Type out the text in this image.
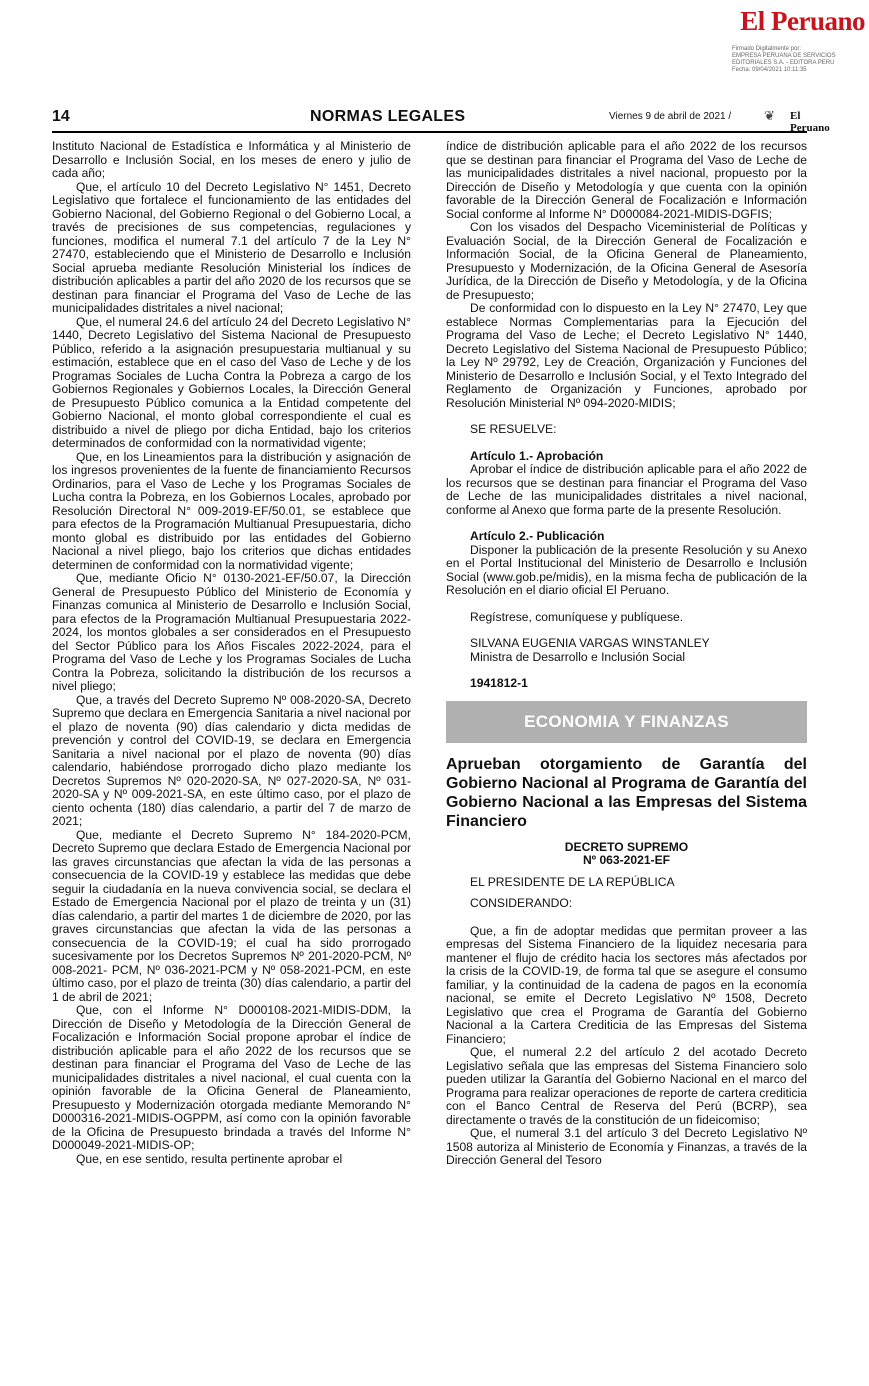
El Peruano
Firmado Digitalmente por:
EMPRESA PERUANA DE SERVICIOS
EDITORIALES S.A. - EDITORA PERU
Fecha: 09/04/2021 10:11:35
14	NORMAS LEGALES	Viernes 9 de abril de 2021 /	❦ El Peruano

Instituto Nacional de Estadística e Informática y al Ministerio de Desarrollo e Inclusión Social, en los meses de enero y julio de cada año;

Que, el artículo 10 del Decreto Legislativo N° 1451, Decreto Legislativo que fortalece el funcionamiento de las entidades del Gobierno Nacional, del Gobierno Regional o del Gobierno Local, a través de precisiones de sus competencias, regulaciones y funciones, modifica el numeral 7.1 del artículo 7 de la Ley N° 27470, estableciendo que el Ministerio de Desarrollo e Inclusión Social aprueba mediante Resolución Ministerial los índices de distribución aplicables a partir del año 2020 de los recursos que se destinan para financiar el Programa del Vaso de Leche de las municipalidades distritales a nivel nacional;

Que, el numeral 24.6 del artículo 24 del Decreto Legislativo N° 1440, Decreto Legislativo del Sistema Nacional de Presupuesto Público, referido a la asignación presupuestaria multianual y su estimación, establece que en el caso del Vaso de Leche y de los Programas Sociales de Lucha Contra la Pobreza a cargo de los Gobiernos Regionales y Gobiernos Locales, la Dirección General de Presupuesto Público comunica a la Entidad competente del Gobierno Nacional, el monto global correspondiente el cual es distribuido a nivel de pliego por dicha Entidad, bajo los criterios determinados de conformidad con la normatividad vigente;

Que, en los Lineamientos para la distribución y asignación de los ingresos provenientes de la fuente de financiamiento Recursos Ordinarios, para el Vaso de Leche y los Programas Sociales de Lucha contra la Pobreza, en los Gobiernos Locales, aprobado por Resolución Directoral N° 009-2019-EF/50.01, se establece que para efectos de la Programación Multianual Presupuestaria, dicho monto global es distribuido por las entidades del Gobierno Nacional a nivel pliego, bajo los criterios que dichas entidades determinen de conformidad con la normatividad vigente;

Que, mediante Oficio N° 0130-2021-EF/50.07, la Dirección General de Presupuesto Público del Ministerio de Economía y Finanzas comunica al Ministerio de Desarrollo e Inclusión Social, para efectos de la Programación Multianual Presupuestaria 2022-2024, los montos globales a ser considerados en el Presupuesto del Sector Público para los Años Fiscales 2022-2024, para el Programa del Vaso de Leche y los Programas Sociales de Lucha Contra la Pobreza, solicitando la distribución de los recursos a nivel pliego;

Que, a través del Decreto Supremo Nº 008-2020-SA, Decreto Supremo que declara en Emergencia Sanitaria a nivel nacional por el plazo de noventa (90) días calendario y dicta medidas de prevención y control del COVID-19, se declara en Emergencia Sanitaria a nivel nacional por el plazo de noventa (90) días calendario, habiéndose prorrogado dicho plazo mediante los Decretos Supremos Nº 020-2020-SA, Nº 027-2020-SA, Nº 031-2020-SA y Nº 009-2021-SA, en este último caso, por el plazo de ciento ochenta (180) días calendario, a partir del 7 de marzo de 2021;

Que, mediante el Decreto Supremo N° 184-2020-PCM, Decreto Supremo que declara Estado de Emergencia Nacional por las graves circunstancias que afectan la vida de las personas a consecuencia de la COVID-19 y establece las medidas que debe seguir la ciudadanía en la nueva convivencia social, se declara el Estado de Emergencia Nacional por el plazo de treinta y un (31) días calendario, a partir del martes 1 de diciembre de 2020, por las graves circunstancias que afectan la vida de las personas a consecuencia de la COVID-19; el cual ha sido prorrogado sucesivamente por los Decretos Supremos Nº 201-2020-PCM, Nº 008-2021- PCM, Nº 036-2021-PCM y Nº 058-2021-PCM, en este último caso, por el plazo de treinta (30) días calendario, a partir del 1 de abril de 2021;

Que, con el Informe N° D000108-2021-MIDIS-DDM, la Dirección de Diseño y Metodología de la Dirección General de Focalización e Información Social propone aprobar el índice de distribución aplicable para el año 2022 de los recursos que se destinan para financiar el Programa del Vaso de Leche de las municipalidades distritales a nivel nacional, el cual cuenta con la opinión favorable de la Oficina General de Planeamiento, Presupuesto y Modernización otorgada mediante Memorando N° D000316-2021-MIDIS-OGPPM, así como con la opinión favorable de la Oficina de Presupuesto brindada a través del Informe N° D000049-2021-MIDIS-OP;

Que, en ese sentido, resulta pertinente aprobar el

índice de distribución aplicable para el año 2022 de los recursos que se destinan para financiar el Programa del Vaso de Leche de las municipalidades distritales a nivel nacional, propuesto por la Dirección de Diseño y Metodología y que cuenta con la opinión favorable de la Dirección General de Focalización e Información Social conforme al Informe N° D000084-2021-MIDIS-DGFIS;

Con los visados del Despacho Viceministerial de Políticas y Evaluación Social, de la Dirección General de Focalización e Información Social, de la Oficina General de Planeamiento, Presupuesto y Modernización, de la Oficina General de Asesoría Jurídica, de la Dirección de Diseño y Metodología, y de la Oficina de Presupuesto;

De conformidad con lo dispuesto en la Ley N° 27470, Ley que establece Normas Complementarias para la Ejecución del Programa del Vaso de Leche; el Decreto Legislativo N° 1440, Decreto Legislativo del Sistema Nacional de Presupuesto Público; la Ley Nº 29792, Ley de Creación, Organización y Funciones del Ministerio de Desarrollo e Inclusión Social, y el Texto Integrado del Reglamento de Organización y Funciones, aprobado por Resolución Ministerial Nº 094-2020-MIDIS;

SE RESUELVE:
Artículo 1.- Aprobación

Aprobar el índice de distribución aplicable para el año 2022 de los recursos que se destinan para financiar el Programa del Vaso de Leche de las municipalidades distritales a nivel nacional, conforme al Anexo que forma parte de la presente Resolución.

Artículo 2.- Publicación

Disponer la publicación de la presente Resolución y su Anexo en el Portal Institucional del Ministerio de Desarrollo e Inclusión Social (www.gob.pe/midis), en la misma fecha de publicación de la Resolución en el diario oficial El Peruano.

Regístrese, comuníquese y publíquese.
SILVANA EUGENIA VARGAS WINSTANLEY
Ministra de Desarrollo e Inclusión Social
1941812-1
ECONOMIA Y FINANZAS
Aprueban otorgamiento de Garantía del Gobierno Nacional al Programa de Garantía del Gobierno Nacional a las Empresas del Sistema Financiero
DECRETO SUPREMO
Nº 063-2021-EF
EL PRESIDENTE DE LA REPÚBLICA
CONSIDERANDO:

Que, a fin de adoptar medidas que permitan proveer a las empresas del Sistema Financiero de la liquidez necesaria para mantener el flujo de crédito hacia los sectores más afectados por la crisis de la COVID-19, de forma tal que se asegure el consumo familiar, y la continuidad de la cadena de pagos en la economía nacional, se emite el Decreto Legislativo Nº 1508, Decreto Legislativo que crea el Programa de Garantía del Gobierno Nacional a la Cartera Crediticia de las Empresas del Sistema Financiero;

Que, el numeral 2.2 del artículo 2 del acotado Decreto Legislativo señala que las empresas del Sistema Financiero solo pueden utilizar la Garantía del Gobierno Nacional en el marco del Programa para realizar operaciones de reporte de cartera crediticia con el Banco Central de Reserva del Perú (BCRP), sea directamente o través de la constitución de un fideicomiso;

Que, el numeral 3.1 del artículo 3 del Decreto Legislativo Nº 1508 autoriza al Ministerio de Economía y Finanzas, a través de la Dirección General del Tesoro
